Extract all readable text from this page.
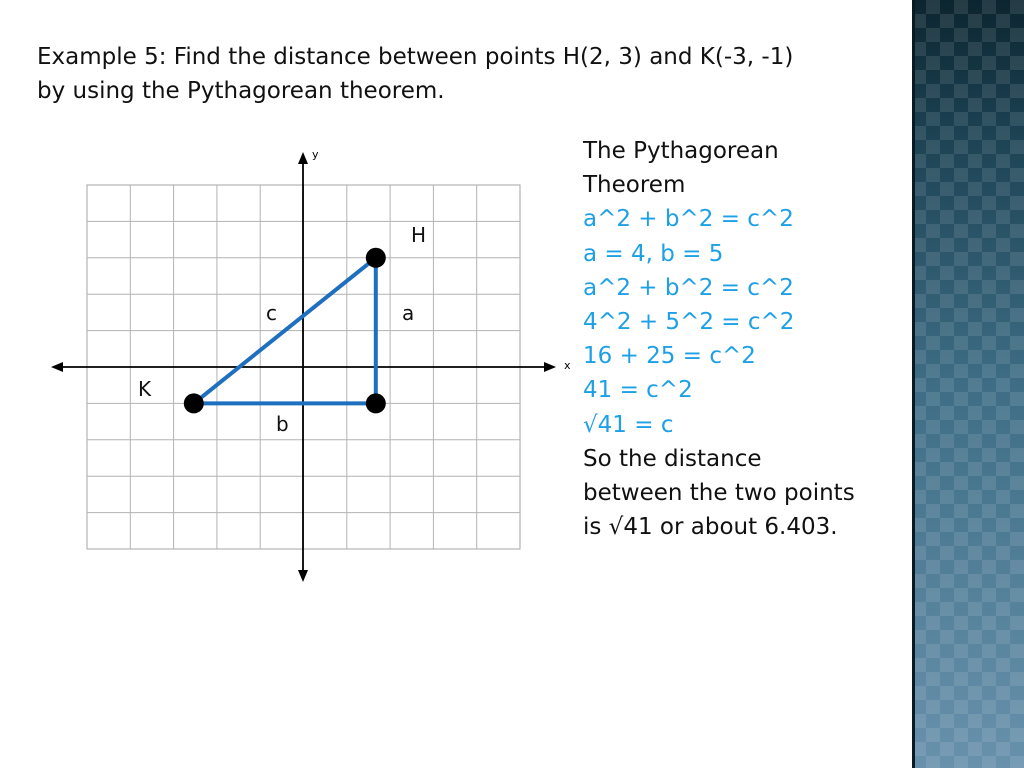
Example 5: Find the distance between points H(2, 3) and K(-3, -1)
by using the Pythagorean theorem.
x
y
c	a
b
H
K
The Pythagorean
Theorem
a^2 + b^2 = c^2
a = 4, b = 5
a^2 + b^2 = c^2
4^2 + 5^2 = c^2
16 + 25 = c^2
41 = c^2
√41 = c
So the distance
between the two points
is √41 or about 6.403.
